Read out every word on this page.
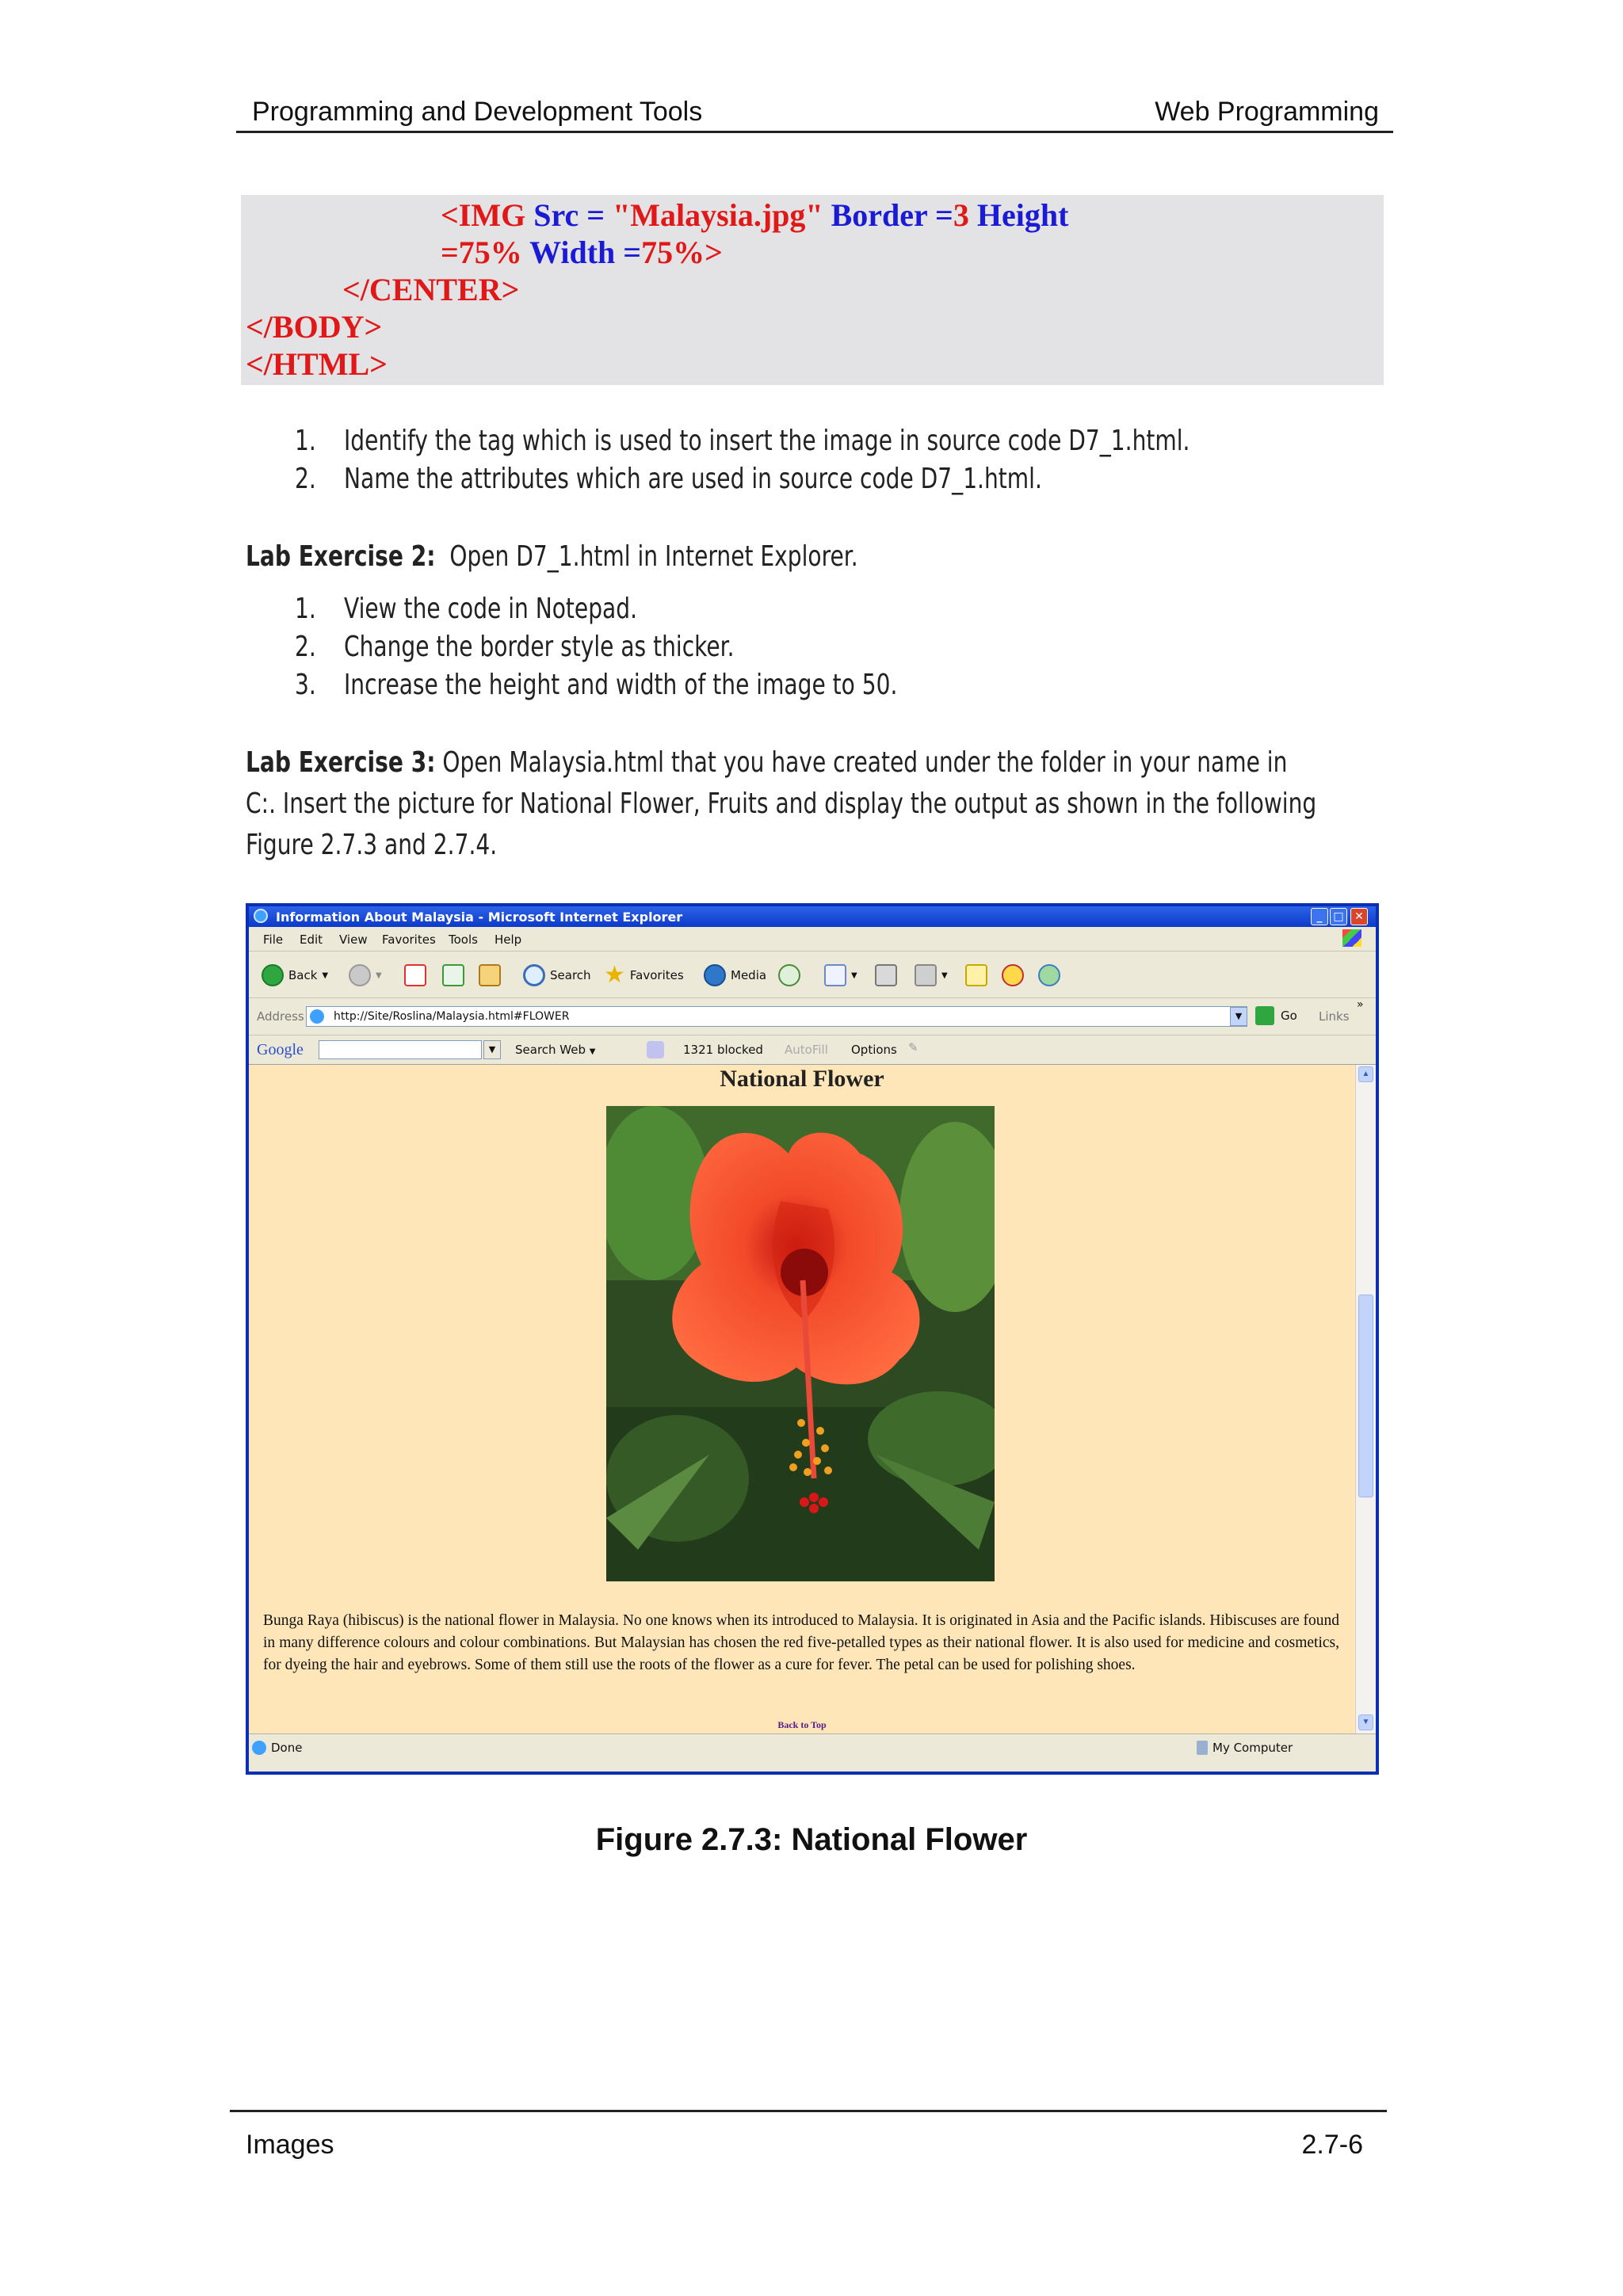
Programming and Development Tools	Web Programming
<IMG Src = "Malaysia.jpg" Border =3 Height
=75% Width =75%>
</CENTER>
</BODY>
</HTML>
1. Identify the tag which is used to insert the image in source code D7_1.html.
2. Name the attributes which are used in source code D7_1.html.
Lab Exercise 2: Open D7_1.html in Internet Explorer.
1. View the code in Notepad.
2. Change the border style as thicker.
3. Increase the height and width of the image to 50.
Lab Exercise 3: Open Malaysia.html that you have created under the folder in your name in
C:. Insert the picture for National Flower, Fruits and display the output as shown in the following
Figure 2.7.3 and 2.7.4.
Information About Malaysia - Microsoft Internet Explorer	_ □ ✕
File Edit View Favorites Tools Help
Back ▼	▼	Search ★ Favorites	Media	▼	▼
Address	http://Site/Roslina/Malaysia.html#FLOWER	▼	Go Links
»
Google	▼	Search Web ▼	1321 blocked AutoFill Options ✎
National Flower
Bunga Raya (hibiscus) is the national flower in Malaysia. No one knows when its introduced to Malaysia. It is originated in Asia and the Pacific islands. Hibiscuses are found in many difference colours and colour combinations. But Malaysian has chosen the red five-petalled types as their national flower. It is also used for medicine and cosmetics, for dyeing the hair and eyebrows. Some of them still use the roots of the flower as a cure for fever. The petal can be used for polishing shoes.
Back to Top
▲
▼
Done	My Computer
Figure 2.7.3: National Flower
Images	2.7-6
